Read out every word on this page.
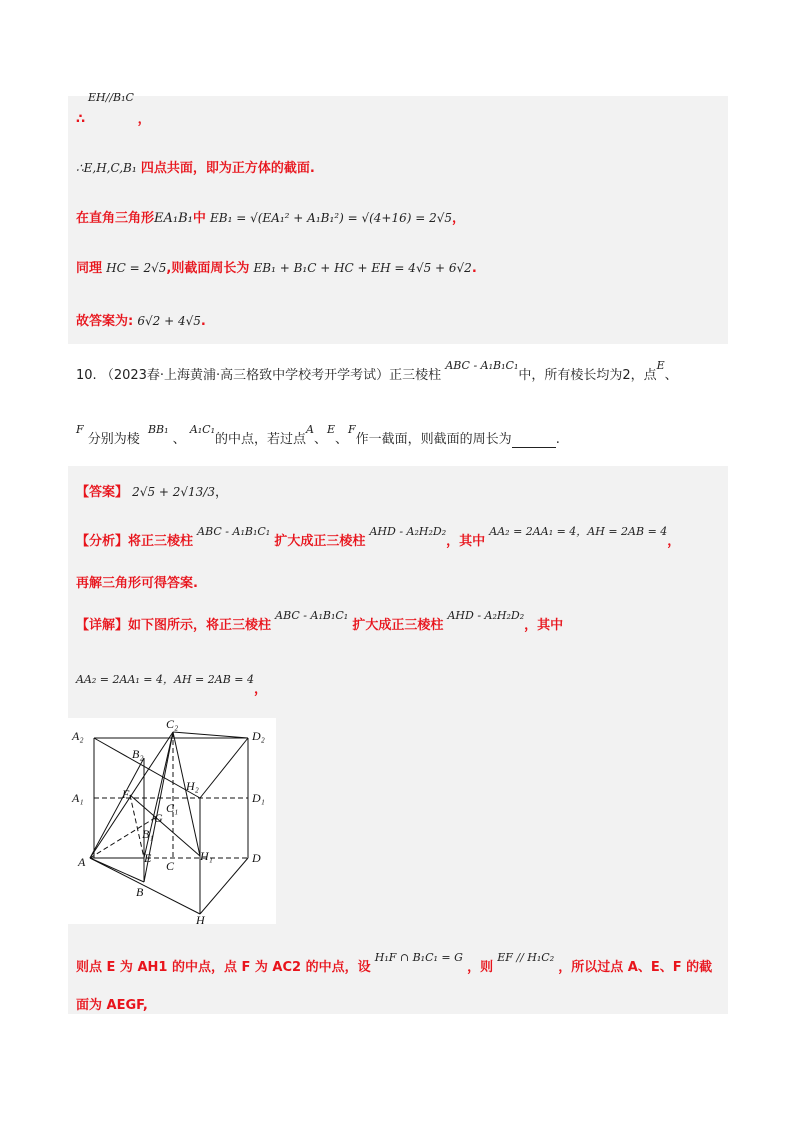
$^{EH//B_1C}$
∴	，
∴E,H,C,B₁ 四点共面，即为正方体的截面.
在直角三角形EA₁B₁中 EB₁ = √(EA₁² + A₁B₁²) = √(4+16) = 2√5，
同理 HC = 2√5,则截面周长为 EB₁ + B₁C + HC + EH = 4√5 + 6√2.
故答案为: 6√2 + 4√5.
10. （2023春·上海黄浦·高三格致中学校考开学考试）正三棱柱 $^{ABC - A_1B_1C_1}$中，所有棱长均为2，点$^E$、
$^F$ 分别为棱 $^{BB_1}$ 、 $^{A_1C_1}$的中点，若过点$^A$、$^E$、$^F$作一截面，则截面的周长为	.
【答案】 2√5 + 2√13/3，
【分析】将正三棱柱 $^{ABC - A_1B_1C_1}$ 扩大成正三棱柱 $^{AHD - A_2H_2D_2}$，其中 $^{AA_2 = 2AA_1 = 4,AH = 2AB = 4}$，
再解三角形可得答案.
【详解】如下图所示，将正三棱柱 $^{ABC - A_1B_1C_1}$ 扩大成正三棱柱 $^{AHD - A_2H_2D_2}$，其中
$^{AA_2 = 2AA_1 = 4,AH = 2AB = 4}$，
A₂
C₂
D₂
B₂
H₂
A₁	F
C₁
D₁
G
B₁
A	E	H₁	D
C
B
H
则点 E 为 AH1 的中点，点 F 为 AC2 的中点，设 $^{H_1F \cap B_1C_1 = G}$ ，则 $^{EF // H_1C_2}$ ，所以过点 A、E、F 的截
面为 AEGF,
